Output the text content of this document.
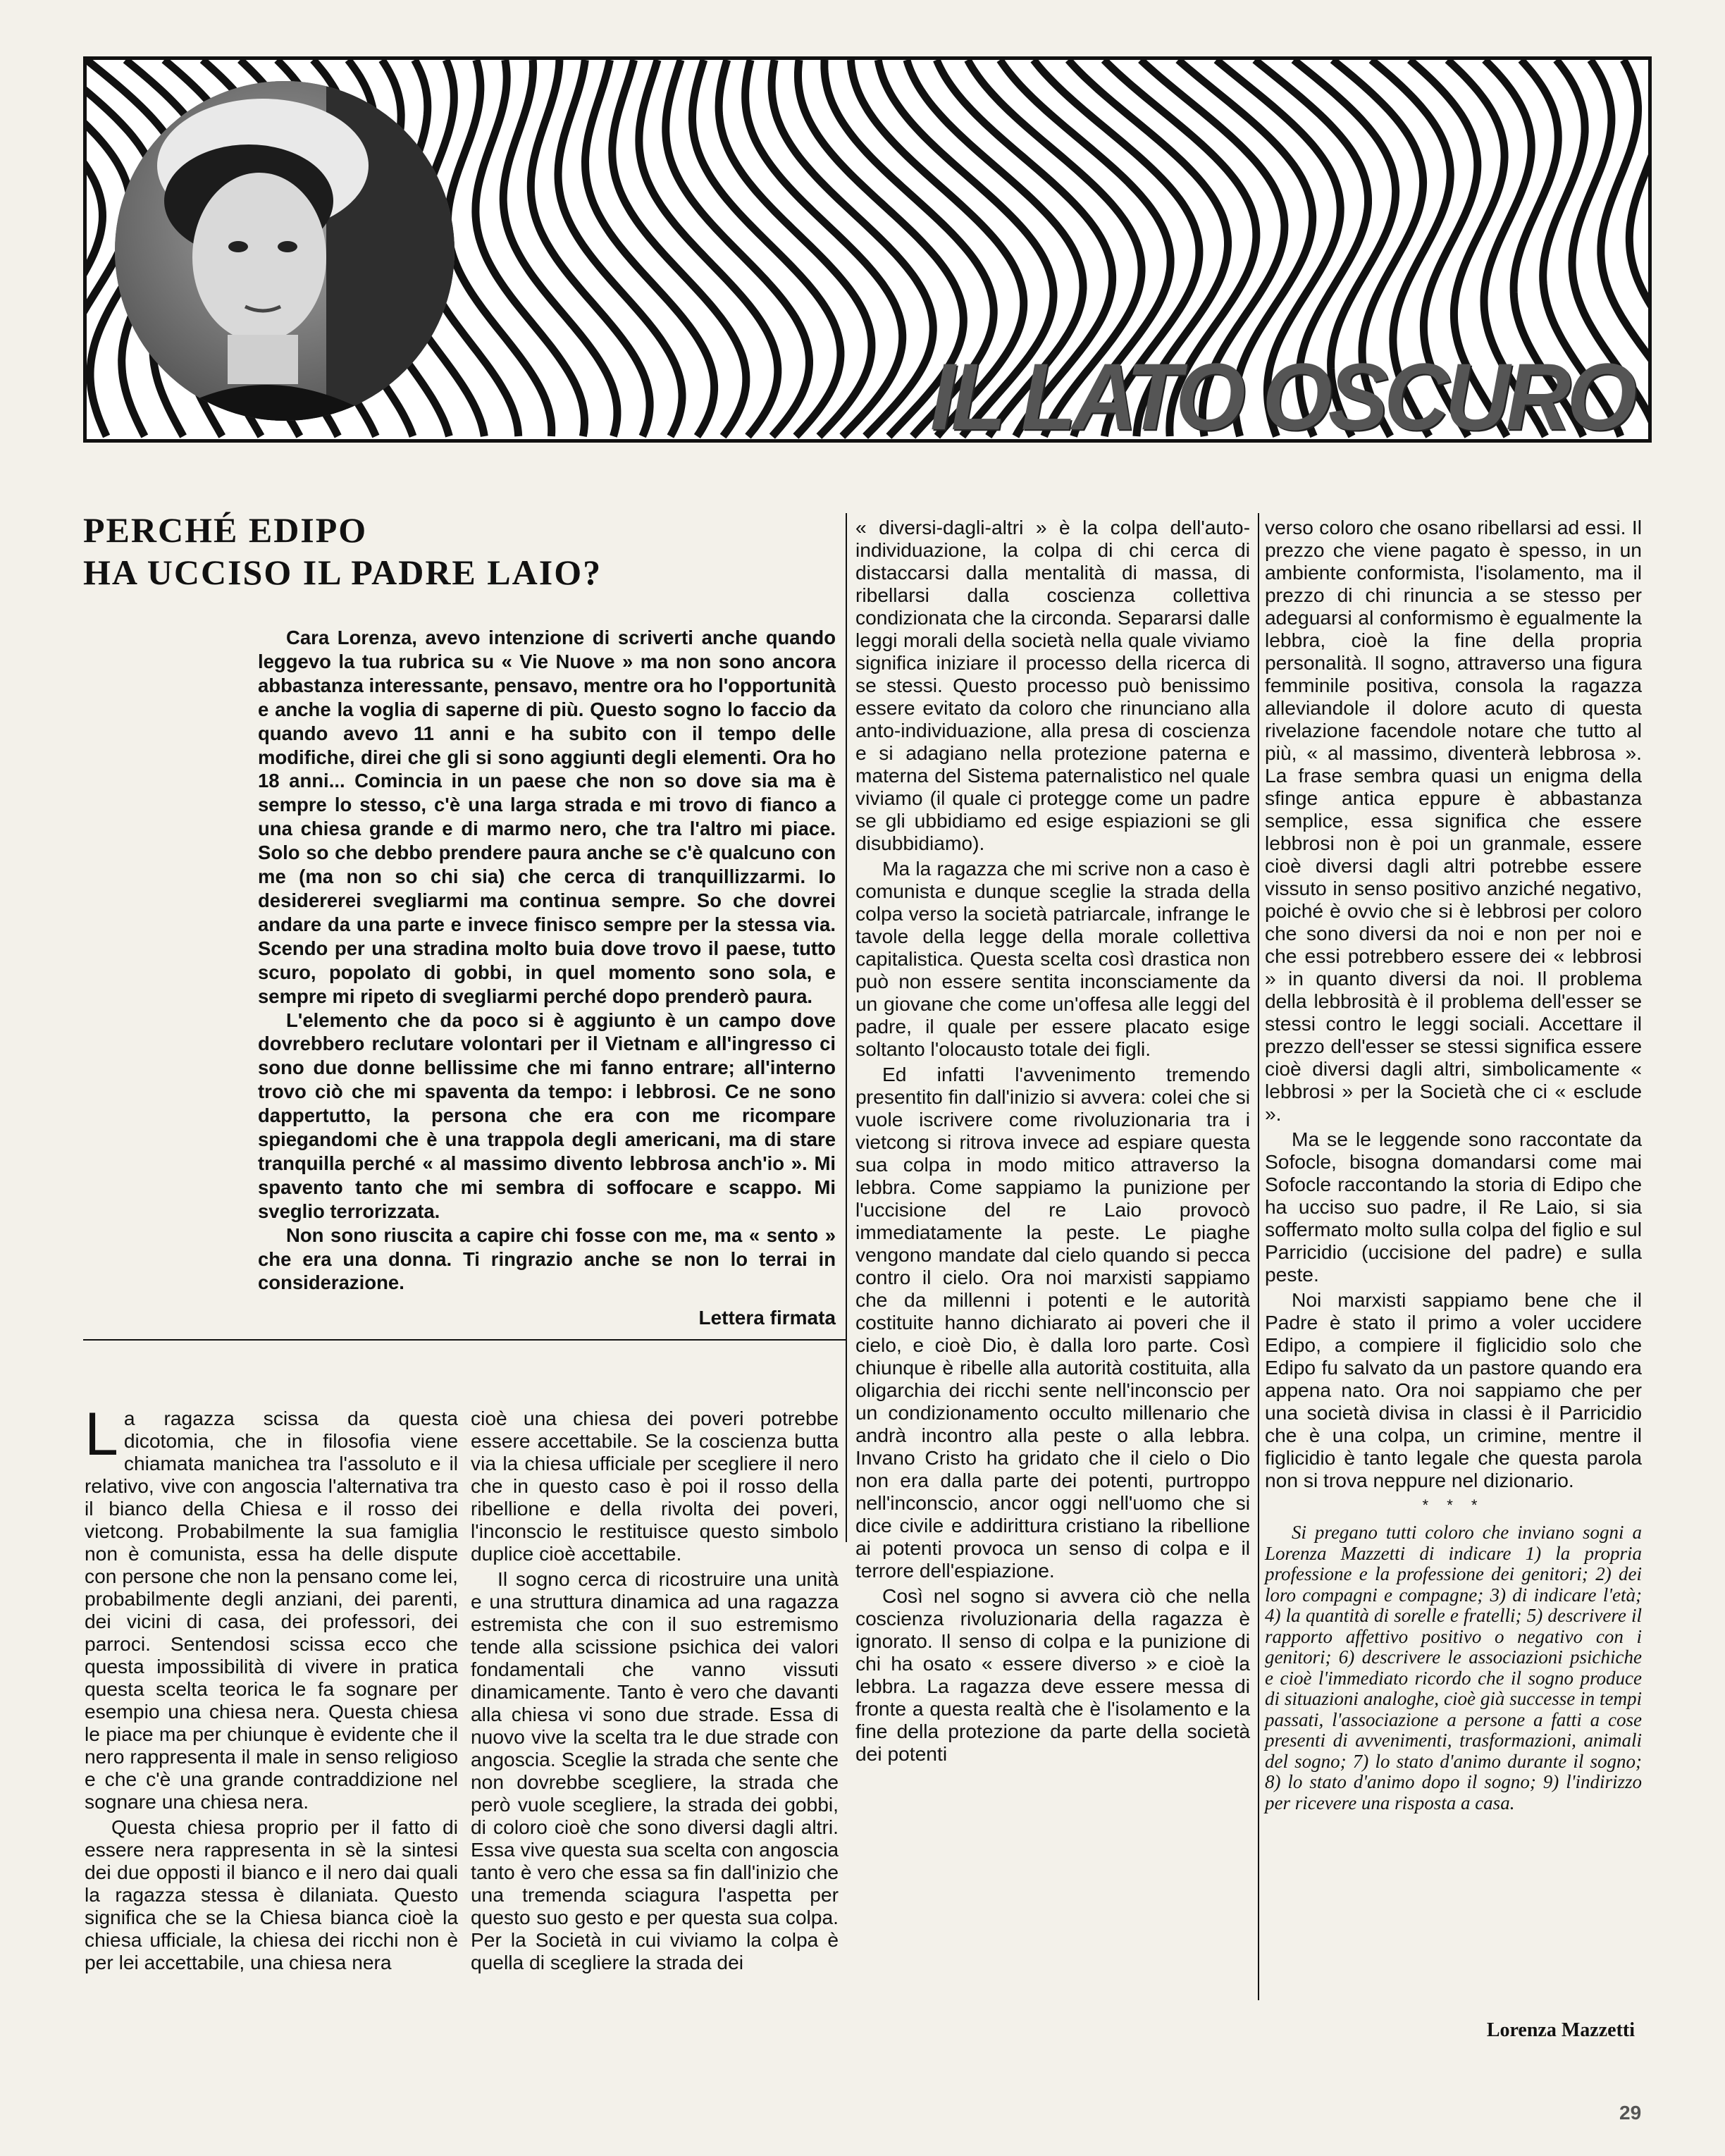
IL LATO OSCURO
PERCHÉ EDIPO
HA UCCISO IL PADRE LAIO?

Cara Lorenza, avevo intenzione di scriverti anche quando leggevo la tua rubrica su « Vie Nuove » ma non sono ancora abbastanza interessante, pensavo, mentre ora ho l'opportunità e anche la voglia di saperne di più. Questo sogno lo faccio da quando avevo 11 anni e ha subito con il tempo delle modifiche, direi che gli si sono aggiunti degli elementi. Ora ho 18 anni... Comincia in un paese che non so dove sia ma è sempre lo stesso, c'è una larga strada e mi trovo di fianco a una chiesa grande e di marmo nero, che tra l'altro mi piace. Solo so che debbo prendere paura anche se c'è qualcuno con me (ma non so chi sia) che cerca di tranquillizzarmi. Io desidererei svegliarmi ma continua sempre. So che dovrei andare da una parte e invece finisco sempre per la stessa via. Scendo per una stradina molto buia dove trovo il paese, tutto scuro, popolato di gobbi, in quel momento sono sola, e sempre mi ripeto di svegliarmi perché dopo prenderò paura.

L'elemento che da poco si è aggiunto è un campo dove dovrebbero reclutare volontari per il Vietnam e all'ingresso ci sono due donne bellissime che mi fanno entrare; all'interno trovo ciò che mi spaventa da tempo: i lebbrosi. Ce ne sono dappertutto, la persona che era con me ricompare spiegandomi che è una trappola degli americani, ma di stare tranquilla perché « al massimo divento lebbrosa anch'io ». Mi spavento tanto che mi sembra di soffocare e scappo. Mi sveglio terrorizzata.

Non sono riuscita a capire chi fosse con me, ma « sento » che era una donna. Ti ringrazio anche se non lo terrai in considerazione.

Lettera firmata

La ragazza scissa da questa dicotomia, che in filosofia viene chiamata manichea tra l'assoluto e il relativo, vive con angoscia l'alternativa tra il bianco della Chiesa e il rosso dei vietcong. Probabilmente la sua famiglia non è comunista, essa ha delle dispute con persone che non la pensano come lei, probabilmente degli anziani, dei parenti, dei vicini di casa, dei professori, dei parroci. Sentendosi scissa ecco che questa impossibilità di vivere in pratica questa scelta teorica le fa sognare per esempio una chiesa nera. Questa chiesa le piace ma per chiunque è evidente che il nero rappresenta il male in senso religioso e che c'è una grande contraddizione nel sognare una chiesa nera.

Questa chiesa proprio per il fatto di essere nera rappresenta in sè la sintesi dei due opposti il bianco e il nero dai quali la ragazza stessa è dilaniata. Questo significa che se la Chiesa bianca cioè la chiesa ufficiale, la chiesa dei ricchi non è per lei accettabile, una chiesa nera

cioè una chiesa dei poveri potrebbe essere accettabile. Se la coscienza butta via la chiesa ufficiale per scegliere il nero che in questo caso è poi il rosso della ribellione e della rivolta dei poveri, l'inconscio le restituisce questo simbolo duplice cioè accettabile.

Il sogno cerca di ricostruire una unità e una struttura dinamica ad una ragazza estremista che con il suo estremismo tende alla scissione psichica dei valori fondamentali che vanno vissuti dinamicamente. Tanto è vero che davanti alla chiesa vi sono due strade. Essa di nuovo vive la scelta tra le due strade con angoscia. Sceglie la strada che sente che non dovrebbe scegliere, la strada che però vuole scegliere, la strada dei gobbi, di coloro cioè che sono diversi dagli altri. Essa vive questa sua scelta con angoscia tanto è vero che essa sa fin dall'inizio che una tremenda sciagura l'aspetta per questo suo gesto e per questa sua colpa. Per la Società in cui viviamo la colpa è quella di scegliere la strada dei

« diversi-dagli-altri » è la colpa dell'auto-individuazione, la colpa di chi cerca di distaccarsi dalla mentalità di massa, di ribellarsi dalla coscienza collettiva condizionata che la circonda. Separarsi dalle leggi morali della società nella quale viviamo significa iniziare il processo della ricerca di se stessi. Questo processo può benissimo essere evitato da coloro che rinunciano alla anto-individuazione, alla presa di coscienza e si adagiano nella protezione paterna e materna del Sistema paternalistico nel quale viviamo (il quale ci protegge come un padre se gli ubbidiamo ed esige espiazioni se gli disubbidiamo).

Ma la ragazza che mi scrive non a caso è comunista e dunque sceglie la strada della colpa verso la società patriarcale, infrange le tavole della legge della morale collettiva capitalistica. Questa scelta così drastica non può non essere sentita inconsciamente da un giovane che come un'offesa alle leggi del padre, il quale per essere placato esige soltanto l'olocausto totale dei figli.

Ed infatti l'avvenimento tremendo presentito fin dall'inizio si avvera: colei che si vuole iscrivere come rivoluzionaria tra i vietcong si ritrova invece ad espiare questa sua colpa in modo mitico attraverso la lebbra. Come sappiamo la punizione per l'uccisione del re Laio provocò immediatamente la peste. Le piaghe vengono mandate dal cielo quando si pecca contro il cielo. Ora noi marxisti sappiamo che da millenni i potenti e le autorità costituite hanno dichiarato ai poveri che il cielo, e cioè Dio, è dalla loro parte. Così chiunque è ribelle alla autorità costituita, alla oligarchia dei ricchi sente nell'inconscio per un condizionamento occulto millenario che andrà incontro alla peste o alla lebbra. Invano Cristo ha gridato che il cielo o Dio non era dalla parte dei potenti, purtroppo nell'inconscio, ancor oggi nell'uomo che si dice civile e addirittura cristiano la ribellione ai potenti provoca un senso di colpa e il terrore dell'espiazione.

Così nel sogno si avvera ciò che nella coscienza rivoluzionaria della ragazza è ignorato. Il senso di colpa e la punizione di chi ha osato « essere diverso » e cioè la lebbra. La ragazza deve essere messa di fronte a questa realtà che è l'isolamento e la fine della protezione da parte della società dei potenti

verso coloro che osano ribellarsi ad essi. Il prezzo che viene pagato è spesso, in un ambiente conformista, l'isolamento, ma il prezzo di chi rinuncia a se stesso per adeguarsi al conformismo è egualmente la lebbra, cioè la fine della propria personalità. Il sogno, attraverso una figura femminile positiva, consola la ragazza alleviandole il dolore acuto di questa rivelazione facendole notare che tutto al più, « al massimo, diventerà lebbrosa ». La frase sembra quasi un enigma della sfinge antica eppure è abbastanza semplice, essa significa che essere lebbrosi non è poi un granmale, essere cioè diversi dagli altri potrebbe essere vissuto in senso positivo anziché negativo, poiché è ovvio che si è lebbrosi per coloro che sono diversi da noi e non per noi e che essi potrebbero essere dei « lebbrosi » in quanto diversi da noi. Il problema della lebbrosità è il problema dell'esser se stessi contro le leggi sociali. Accettare il prezzo dell'esser se stessi significa essere cioè diversi dagli altri, simbolicamente « lebbrosi » per la Società che ci « esclude ».

Ma se le leggende sono raccontate da Sofocle, bisogna domandarsi come mai Sofocle raccontando la storia di Edipo che ha ucciso suo padre, il Re Laio, si sia soffermato molto sulla colpa del figlio e sul Parricidio (uccisione del padre) e sulla peste.

Noi marxisti sappiamo bene che il Padre è stato il primo a voler uccidere Edipo, a compiere il figlicidio solo che Edipo fu salvato da un pastore quando era appena nato. Ora noi sappiamo che per una società divisa in classi è il Parricidio che è una colpa, un crimine, mentre il figlicidio è tanto legale che questa parola non si trova neppure nel dizionario.

* * *

Si pregano tutti coloro che inviano sogni a Lorenza Mazzetti di indicare 1) la propria professione e la professione dei genitori; 2) dei loro compagni e compagne; 3) di indicare l'età; 4) la quantità di sorelle e fratelli; 5) descrivere il rapporto affettivo positivo o negativo con i genitori; 6) descrivere le associazioni psichiche e cioè l'immediato ricordo che il sogno produce di situazioni analoghe, cioè già successe in tempi passati, l'associazione a persone a fatti a cose presenti di avvenimenti, trasformazioni, animali del sogno; 7) lo stato d'animo durante il sogno; 8) lo stato d'animo dopo il sogno; 9) l'indirizzo per ricevere una risposta a casa.

Lorenza Mazzetti
29
